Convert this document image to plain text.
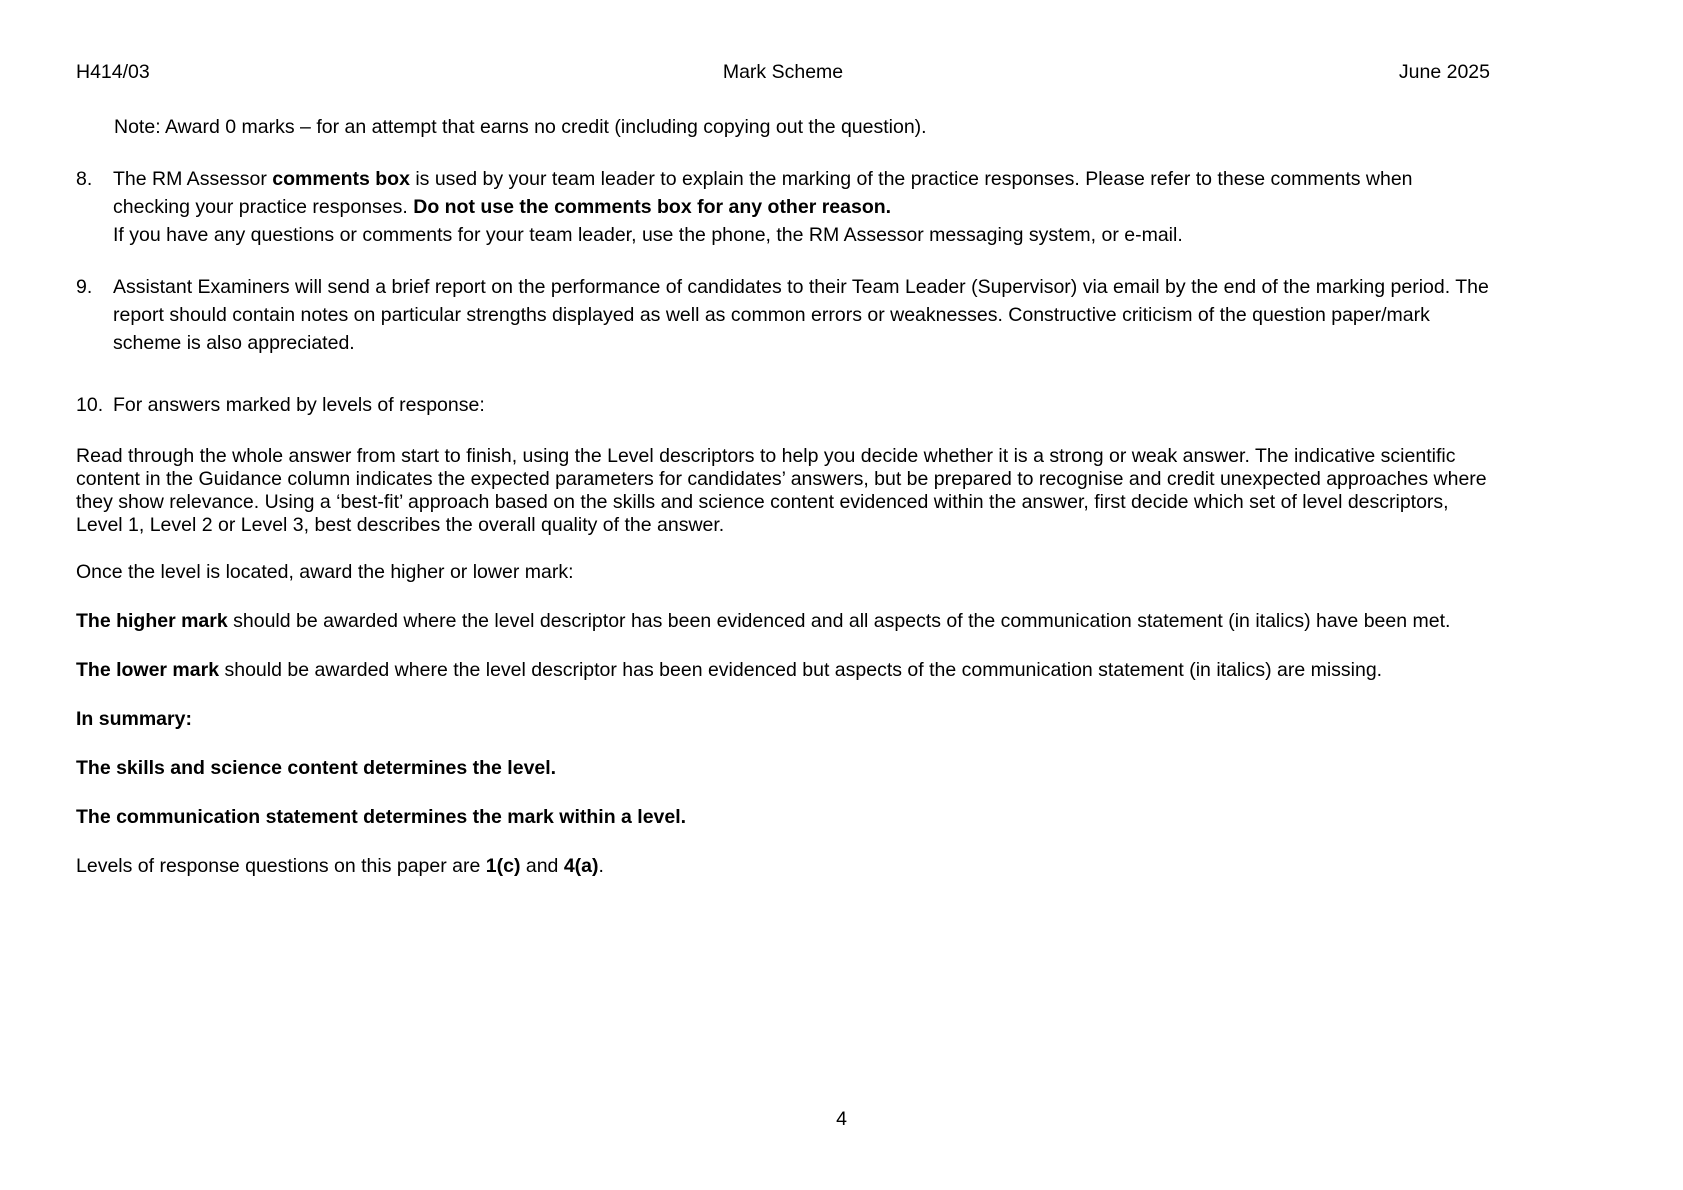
H414/03	Mark Scheme	June 2025

Note: Award 0 marks – for an attempt that earns no credit (including copying out the question).

8.	The RM Assessor comments box is used by your team leader to explain the marking of the practice responses. Please refer to these comments when checking your practice responses. Do not use the comments box for any other reason.

If you have any questions or comments for your team leader, use the phone, the RM Assessor messaging system, or e-mail.

9.	Assistant Examiners will send a brief report on the performance of candidates to their Team Leader (Supervisor) via email by the end of the marking period. The report should contain notes on particular strengths displayed as well as common errors or weaknesses. Constructive criticism of the question paper/mark scheme is also appreciated.

10. For answers marked by levels of response:

Read through the whole answer from start to finish, using the Level descriptors to help you decide whether it is a strong or weak answer. The indicative scientific content in the Guidance column indicates the expected parameters for candidates’ answers, but be prepared to recognise and credit unexpected approaches where they show relevance. Using a ‘best-fit’ approach based on the skills and science content evidenced within the answer, first decide which set of level descriptors, Level 1, Level 2 or Level 3, best describes the overall quality of the answer.

Once the level is located, award the higher or lower mark:

The higher mark should be awarded where the level descriptor has been evidenced and all aspects of the communication statement (in italics) have been met.

The lower mark should be awarded where the level descriptor has been evidenced but aspects of the communication statement (in italics) are missing.

In summary:

The skills and science content determines the level.

The communication statement determines the mark within a level.

Levels of response questions on this paper are 1(c) and 4(a).

4
